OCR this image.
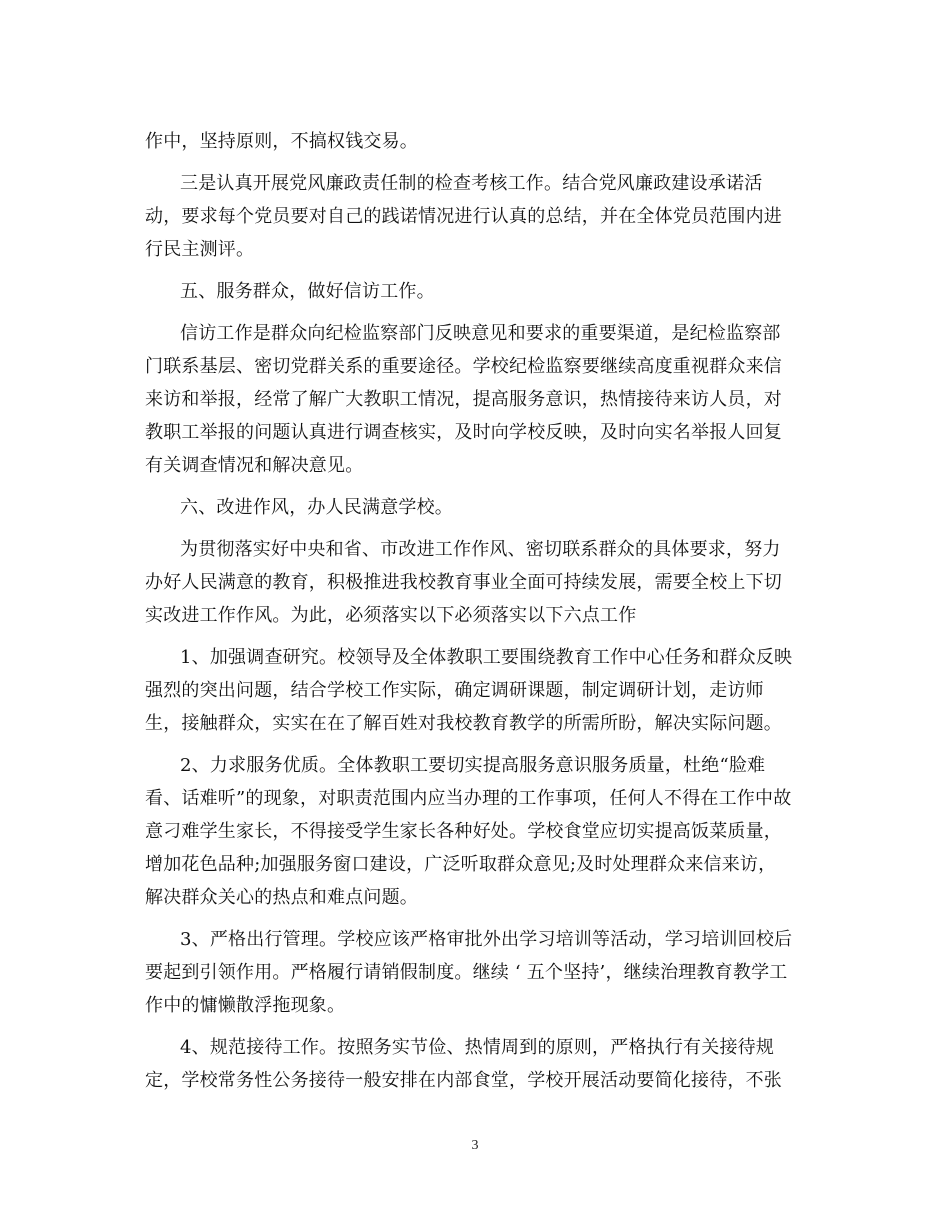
作中，坚持原则，不搞权钱交易。
三是认真开展党风廉政责任制的检查考核工作。结合党风廉政建设承诺活
动，要求每个党员要对自己的践诺情况进行认真的总结，并在全体党员范围内进
行民主测评。
五、服务群众，做好信访工作。
信访工作是群众向纪检监察部门反映意见和要求的重要渠道，是纪检监察部
门联系基层、密切党群关系的重要途径。学校纪检监察要继续高度重视群众来信
来访和举报，经常了解广大教职工情况，提高服务意识，热情接待来访人员，对
教职工举报的问题认真进行调查核实，及时向学校反映，及时向实名举报人回复
有关调查情况和解决意见。
六、改进作风，办人民满意学校。
为贯彻落实好中央和省、市改进工作作风、密切联系群众的具体要求，努力
办好人民满意的教育，积极推进我校教育事业全面可持续发展，需要全校上下切
实改进工作作风。为此，必须落实以下必须落实以下六点工作
1、加强调查研究。校领导及全体教职工要围绕教育工作中心任务和群众反映
强烈的突出问题，结合学校工作实际，确定调研课题，制定调研计划，走访师
生，接触群众，实实在在了解百姓对我校教育教学的所需所盼，解决实际问题。
2、力求服务优质。全体教职工要切实提高服务意识服务质量，杜绝“脸难
看、话难听”的现象，对职责范围内应当办理的工作事项，任何人不得在工作中故
意刁难学生家长，不得接受学生家长各种好处。学校食堂应切实提高饭菜质量，
增加花色品种;加强服务窗口建设，广泛听取群众意见;及时处理群众来信来访，
解决群众关心的热点和难点问题。
3、严格出行管理。学校应该严格审批外出学习培训等活动，学习培训回校后
要起到引领作用。严格履行请销假制度。继续 ‘ 五个坚持’，继续治理教育教学工
作中的慵懒散浮拖现象。
4、规范接待工作。按照务实节俭、热情周到的原则，严格执行有关接待规
定，学校常务性公务接待一般安排在内部食堂，学校开展活动要简化接待，不张
3
